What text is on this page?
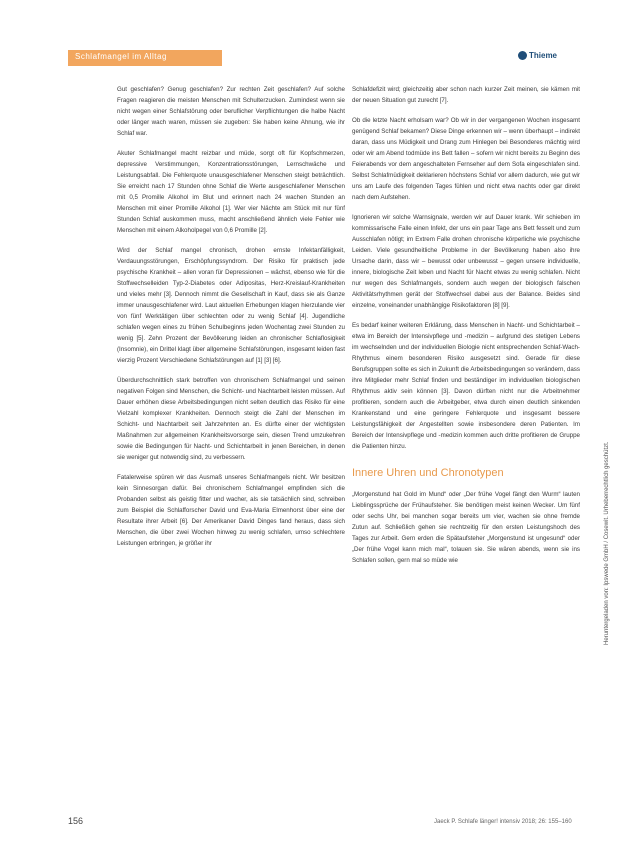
Schlafmangel im Alltag	Thieme

Gut geschlafen? Genug geschlafen? Zur rechten Zeit geschlafen? Auf solche Fragen reagieren die meisten Menschen mit Schulterzucken. Zumindest wenn sie nicht wegen einer Schlafstörung oder beruflicher Verpflichtungen die halbe Nacht oder länger wach waren, müssen sie zugeben: Sie haben keine Ahnung, wie ihr Schlaf war.

Akuter Schlafmangel macht reizbar und müde, sorgt oft für Kopfschmerzen, depressive Verstimmungen, Konzentrationsstörungen, Lernschwäche und Leistungsabfall. Die Fehlerquote unausgeschlafener Menschen steigt beträchtlich. Sie erreicht nach 17 Stunden ohne Schlaf die Werte ausgeschlafener Menschen mit 0,5 Promille Alkohol im Blut und erinnert nach 24 wachen Stunden an Menschen mit einer Promille Alkohol [1]. Wer vier Nächte am Stück mit nur fünf Stunden Schlaf auskommen muss, macht anschließend ähnlich viele Fehler wie Menschen mit einem Alkoholpegel von 0,6 Promille [2].

Wird der Schlaf mangel chronisch, drohen ernste Infektanfälligkeit, Verdauungsstörungen, Erschöpfungssyndrom. Der Risiko für praktisch jede psychische Krankheit – allen voran für Depressionen – wächst, ebenso wie für die Stoffwechselleiden Typ-2-Diabetes oder Adipositas, Herz-Kreislauf-Krankheiten und vieles mehr [3]. Dennoch nimmt die Gesellschaft in Kauf, dass sie als Ganze immer unausgeschlafener wird. Laut aktuellen Erhebungen klagen hierzulande vier von fünf Werktätigen über schlechten oder zu wenig Schlaf [4]. Jugendliche schlafen wegen eines zu frühen Schulbeginns jeden Wochentag zwei Stunden zu wenig [5]. Zehn Prozent der Bevölkerung leiden an chronischer Schlaflosigkeit (Insomnie), ein Drittel klagt über allgemeine Schlafstörungen, insgesamt leiden fast vierzig Prozent Verschiedene Schlafstörungen auf [1] [3] [6].

Überdurchschnittlich stark betroffen von chronischem Schlafmangel und seinen negativen Folgen sind Menschen, die Schicht- und Nachtarbeit leisten müssen. Auf Dauer erhöhen diese Arbeitsbedingungen nicht selten deutlich das Risiko für eine Vielzahl komplexer Krankheiten. Dennoch steigt die Zahl der Menschen im Schicht- und Nachtarbeit seit Jahrzehnten an. Es dürfte einer der wichtigsten Maßnahmen zur allgemeinen Krankheitsvorsorge sein, diesen Trend umzukehren sowie die Bedingungen für Nacht- und Schichtarbeit in jenen Bereichen, in denen sie weniger gut notwendig sind, zu verbessern.

Fatalerweise spüren wir das Ausmaß unseres Schlafmangels nicht. Wir besitzen kein Sinnesorgan dafür. Bei chronischem Schlafmangel empfinden sich die Probanden selbst als geistig fitter und wacher, als sie tatsächlich sind, schreiben zum Beispiel die Schlafforscher David und Eva-Maria Elmenhorst über eine der Resultate ihrer Arbeit [6]. Der Amerikaner David Dinges fand heraus, dass sich Menschen, die über zwei Wochen hinweg zu wenig schlafen, umso schlechtere Leistungen erbringen, je größer ihr

Schlafdefizit wird; gleichzeitig aber schon nach kurzer Zeit meinen, sie kämen mit der neuen Situation gut zurecht [7].

Ob die letzte Nacht erholsam war? Ob wir in der vergangenen Wochen insgesamt genügend Schlaf bekamen? Diese Dinge erkennen wir – wenn überhaupt – indirekt daran, dass uns Müdigkeit und Drang zum Hinlegen bei Besonderes mächtig wird oder wir am Abend todmüde ins Bett fallen – sofern wir nicht bereits zu Beginn des Feierabends vor dem angeschalteten Fernseher auf dem Sofa eingeschlafen sind. Selbst Schlafmüdigkeit deklarieren höchstens Schlaf vor allem dadurch, wie gut wir uns am Laufe des folgenden Tages fühlen und nicht etwa nachts oder gar direkt nach dem Aufstehen.

Ignorieren wir solche Warnsignale, werden wir auf Dauer krank. Wir schieben im kommissarische Falle einen Infekt, der uns ein paar Tage ans Bett fesselt und zum Ausschlafen nötigt; im Extrem Falle drohen chronische körperliche wie psychische Leiden. Viele gesundheitliche Probleme in der Bevölkerung haben also ihre Ursache darin, dass wir – bewusst oder unbewusst – gegen unsere individuelle, innere, biologische Zeit leben und Nacht für Nacht etwas zu wenig schlafen. Nicht nur wegen des Schlafmangels, sondern auch wegen der biologisch falschen Aktivitätsrhythmen gerät der Stoffwechsel dabei aus der Balance. Beides sind einzelne, voneinander unabhängige Risikofaktoren [8] [9].

Es bedarf keiner weiteren Erklärung, dass Menschen in Nacht- und Schichtarbeit – etwa im Bereich der Intensivpflege und -medizin – aufgrund des stetigen Lebens im wechselnden und der individuellen Biologie nicht entsprechenden Schlaf-Wach-Rhythmus einem besonderen Risiko ausgesetzt sind. Gerade für diese Berufsgruppen sollte es sich in Zukunft die Arbeitsbedingungen so verändern, dass ihre Mitglieder mehr Schlaf finden und beständiger im individuellen biologischen Rhythmus aktiv sein können [3]. Davon dürften nicht nur die Arbeitnehmer profitieren, sondern auch die Arbeitgeber, etwa durch einen deutlich sinkenden Krankenstand und eine geringere Fehlerquote und insgesamt bessere Leistungsfähigkeit der Angestellten sowie insbesondere deren Patienten. Im Bereich der Intensivpflege und -medizin kommen auch dritte profitieren de Gruppe die Patienten hinzu.

Innere Uhren und Chronotypen

„Morgenstund hat Gold im Mund“ oder „Der frühe Vogel fängt den Wurm“ lauten Lieblingssprüche der Frühaufsteher. Sie benötigen meist keinen Wecker. Um fünf oder sechs Uhr, bei manchen sogar bereits um vier, wachen sie ohne fremde Zutun auf. Schließlich gehen sie rechtzeitig für den ersten Leistungshoch des Tages zur Arbeit. Gern erden die Spätaufsteher „Morgenstund ist ungesund“ oder „Der frühe Vogel kann mich mal“, tolauen sie. Sie wären abends, wenn sie ins Schlafen sollen, gern mal so müde wie	Heruntergeladen von: Ipswede GmbH / Cosewit. Urheberrechtlich geschützt.
156	Jaeck P. Schlafe länger! intensiv 2018; 26: 155–160
